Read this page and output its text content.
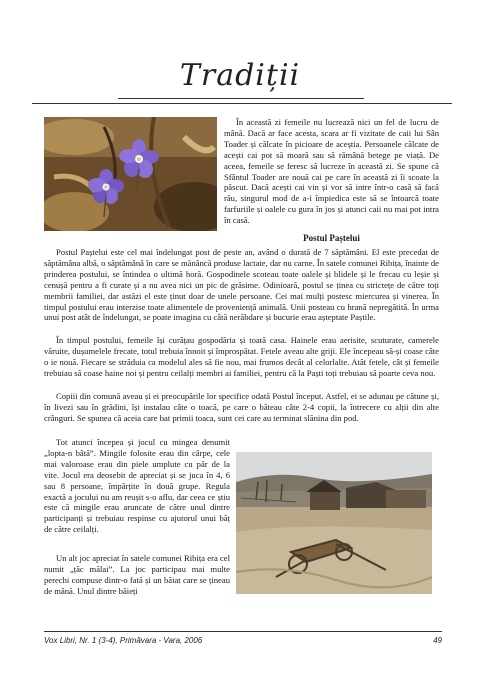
Tradiții

În această zi femeile nu lucrează nici un fel de lucru de mână. Dacă ar face acesta, scara ar fi vizitate de caii lui Sân Toader și călcate în picioare de aceștia. Persoanele călcate de acești cai pot să moară sau să rămână betege pe viață. De aceea, femeile se feresc să lucreze în această zi. Se spune că Sfântul Toader are nouă cai pe care în această zi îi scoate la păscut. Dacă acești cai vin și vor să intre într-o casă să facă rău, singurul mod de a-i împiedica este să se întoarcă toate farfuriile și oalele cu gura în jos și atunci caii nu mai pot intra în casă.

Postul Paștelui

Postul Paștelui este cel mai îndelungat post de peste an, având o durată de 7 săptămâni. El este precedat de săptămâna albă, o săptămână în care se mănâncă produse lactate, dar nu carne. În satele comunei Ribița, înainte de prinderea postului, se întindea o ultimă horă. Gospodinele scoteau toate oalele și blidele și le frecau cu leșie și cenușă pentru a fi curate și a nu avea nici un pic de grăsime. Odinioară, postul se ținea cu strictețe de către toți membrii familiei, dar astăzi el este ținut doar de unele persoane. Cei mai mulți postesc miercurea și vinerea. În timpul postului erau interzise toate alimentele de proveniență animală. Unii posteau cu hrană nepregătită. În urma unui post atât de îndelungat, se poate imagina cu câtă nerăbdare și bucurie erau așteptate Paștile.

În timpul postului, femeile își curățau gospodăria și toată casa. Hainele erau aerisite, scuturate, camerele văruite, dușumelele frecate, totul trebuia înnoit și împrospătat. Fetele aveau alte griji. Ele începeau să-și coase câte o ie nouă. Fiecare se străduia ca modelul ales să fie nou, mai frumos decât al celorlalte. Atât fetele, cât și femeile trebuiau să coase haine noi și pentru ceilalți membri ai familiei, pentru că la Paști toți trebuiau să poarte ceva nou.

Copiii din comună aveau și ei preocupările lor specifice odată Postul început. Astfel, ei se adunau pe cătune și, în livezi sau în grădini, își instalau câte o toacă, pe care o băteau câte 2-4 copii, la întrecere cu alții din alte crânguri. Se spunea că aceia care bat primii toaca, sunt cei care au terminat slănina din pod.

Tot atunci începea și jocul cu mingea denumit „lopta-n bâtă”. Mingile folosite erau din cârpe, cele mai valoroase erau din piele umplute cu păr de la vite. Jocul era deosebit de apreciat și se juca în 4, 6 sau 8 persoane, împărțite în două grupe. Regula exactă a jocului nu am reușit s-o aflu, dar ceea ce știu este că mingile erau aruncate de către unul dintre participanți și trebuiau respinse cu ajutorul unui băț de către ceilalți.

Un alt joc apreciat în satele comunei Ribița era cel numit „țăc mălai”. La joc participau mai multe perechi compuse dintr-o fată și un băiat care se țineau de mână. Unul dintre băieți

Vox Libri, Nr. 1 (3-4), Primăvara - Vara, 2006	49
